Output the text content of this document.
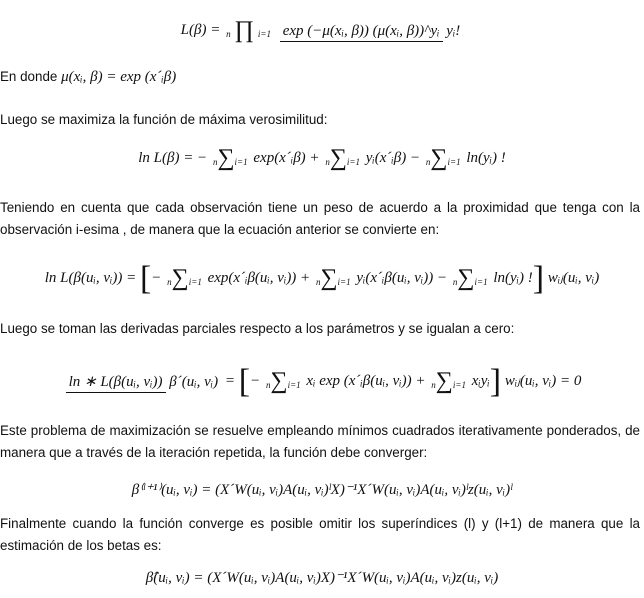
L(β) = n ∏ i=1 exp (−μ(xᵢ, β)) (μ(xᵢ, β))^yᵢ yᵢ!

En donde μ(xᵢ, β) = exp (x´ᵢβ)

Luego se maximiza la función de máxima verosimilitud:

ln L(β) = − n∑i=1 exp(x´ᵢβ) + n∑i=1 yᵢ(x´ᵢβ) − n∑i=1 ln(yᵢ) !

Teniendo en cuenta que cada observación tiene un peso de acuerdo a la proximidad que tenga con la observación i-esima , de manera que la ecuación anterior se convierte en:

ln L(β(uᵢ, vᵢ)) = [− n∑i=1 exp(x´ᵢβ(uᵢ, vᵢ)) + n∑i=1 yᵢ(x´ᵢβ(uᵢ, vᵢ)) − n∑i=1 ln(yᵢ) !] wᵢⱼ(uᵢ, vᵢ)

Luego se toman las derivadas parciales respecto a los parámetros y se igualan a cero:

ln ∗ L(β(uᵢ, vᵢ)) β´(uᵢ, vᵢ) = [− n∑i=1 xᵢ exp (x´ᵢβ(uᵢ, vᵢ)) + n∑i=1 xᵢyᵢ] wᵢⱼ(uᵢ, vᵢ) = 0

Este problema de maximización se resuelve empleando mínimos cuadrados iterativamente ponderados, de manera que a través de la iteración repetida, la función debe converger:

β⁽ˡ⁺¹⁾(uᵢ, vᵢ) = (X´W(uᵢ, vᵢ)A(uᵢ, vᵢ)ˡX)⁻¹X´W(uᵢ, vᵢ)A(uᵢ, vᵢ)ˡz(uᵢ, vᵢ)ˡ

Finalmente cuando la función converge es posible omitir los superíndices (l) y (l+1) de manera que la estimación de los betas es:

β̂(uᵢ, vᵢ) = (X´W(uᵢ, vᵢ)A(uᵢ, vᵢ)X)⁻¹X´W(uᵢ, vᵢ)A(uᵢ, vᵢ)z(uᵢ, vᵢ)
